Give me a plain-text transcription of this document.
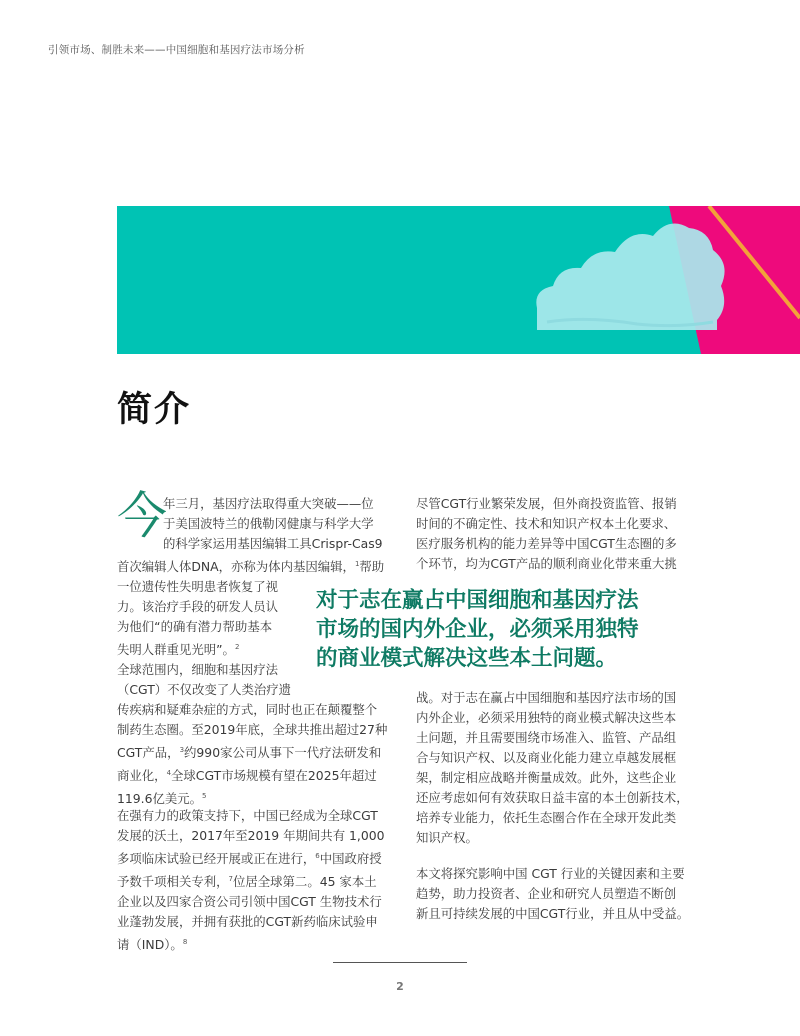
引领市场、制胜未来——中国细胞和基因疗法市场分析
简介
今

年三月，基因疗法取得重大突破——位

于美国波特兰的俄勒冈健康与科学大学

的科学家运用基因编辑工具Crispr-Cas9

首次编辑人体DNA，亦称为体内基因编辑，$^1$帮助

一位遗传性失明患者恢复了视

力。该治疗手段的研发人员认

为他们“的确有潜力帮助基本

失明人群重见光明”。$^2$

全球范围内，细胞和基因疗法

（CGT）不仅改变了人类治疗遗

传疾病和疑难杂症的方式，同时也正在颠覆整个

制药生态圈。至2019年底，全球共推出超过27种

CGT产品，$^3$约990家公司从事下一代疗法研发和

商业化，$^4$全球CGT市场规模有望在2025年超过

119.6亿美元。$^5$

在强有力的政策支持下，中国已经成为全球CGT

发展的沃土，2017年至2019 年期间共有 1,000

多项临床试验已经开展或正在进行，$^6$中国政府授

予数千项相关专利，$^7$位居全球第二。45 家本土

企业以及四家合资公司引领中国CGT 生物技术行

业蓬勃发展，并拥有获批的CGT新药临床试验申

请（IND）。$^8$

尽管CGT行业繁荣发展，但外商投资监管、报销

时间的不确定性、技术和知识产权本土化要求、

医疗服务机构的能力差异等中国CGT生态圈的多

个环节，均为CGT产品的顺利商业化带来重大挑

对于志在赢占中国细胞和基因疗法
市场的国内外企业，必须采用独特
的商业模式解决这些本土问题。

战。对于志在赢占中国细胞和基因疗法市场的国

内外企业，必须采用独特的商业模式解决这些本

土问题，并且需要围绕市场准入、监管、产品组

合与知识产权、以及商业化能力建立卓越发展框

架，制定相应战略并衡量成效。此外，这些企业

还应考虑如何有效获取日益丰富的本土创新技术，

培养专业能力，依托生态圈合作在全球开发此类

知识产权。

本文将探究影响中国 CGT 行业的关键因素和主要

趋势，助力投资者、企业和研究人员塑造不断创

新且可持续发展的中国CGT行业，并且从中受益。

2
